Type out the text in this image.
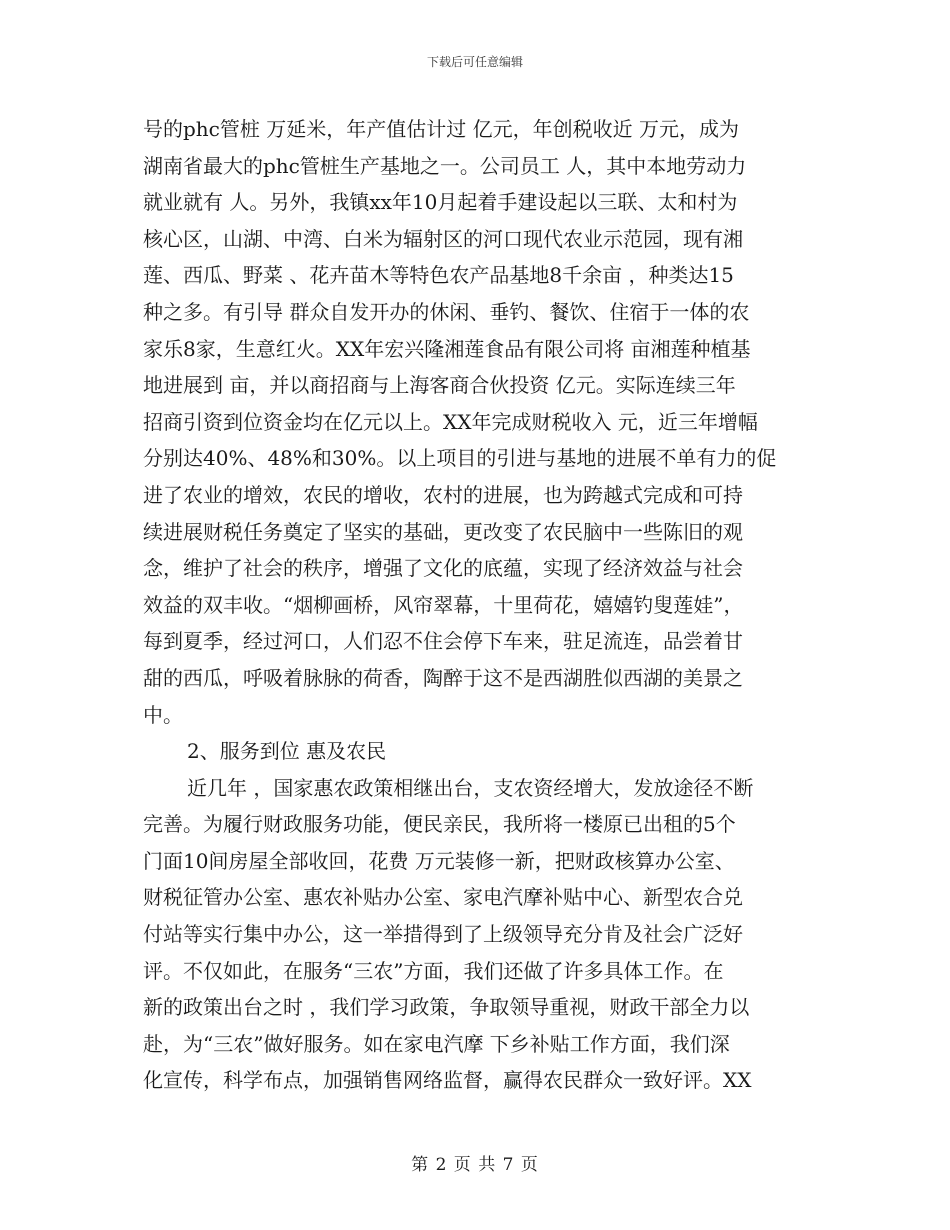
下载后可任意编辑
号的phc管桩 万延米，年产值估计过 亿元，年创税收近 万元，成为
湖南省最大的phc管桩生产基地之一。公司员工 人，其中本地劳动力
就业就有 人。另外，我镇xx年10月起着手建设起以三联、太和村为
核心区，山湖、中湾、白米为辐射区的河口现代农业示范园，现有湘
莲、西瓜、野菜 、花卉苗木等特色农产品基地8千余亩 ，种类达15
种之多。有引导 群众自发开办的休闲、垂钓、餐饮、住宿于一体的农
家乐8家，生意红火。XX年宏兴隆湘莲食品有限公司将 亩湘莲种植基
地进展到 亩，并以商招商与上海客商合伙投资 亿元。实际连续三年
招商引资到位资金均在亿元以上。XX年完成财税收入 元，近三年增幅
分别达40%、48%和30%。以上项目的引进与基地的进展不单有力的促
进了农业的增效，农民的增收，农村的进展，也为跨越式完成和可持
续进展财税任务奠定了坚实的基础，更改变了农民脑中一些陈旧的观
念，维护了社会的秩序，增强了文化的底蕴，实现了经济效益与社会
效益的双丰收。“烟柳画桥，风帘翠幕，十里荷花，嬉嬉钓叟莲娃”，
每到夏季，经过河口，人们忍不住会停下车来，驻足流连，品尝着甘
甜的西瓜，呼吸着脉脉的荷香，陶醉于这不是西湖胜似西湖的美景之
中。
2、服务到位 惠及农民
近几年 ，国家惠农政策相继出台，支农资经增大，发放途径不断
完善。为履行财政服务功能，便民亲民，我所将一楼原已出租的5个
门面10间房屋全部收回，花费 万元装修一新，把财政核算办公室、
财税征管办公室、惠农补贴办公室、家电汽摩补贴中心、新型农合兑
付站等实行集中办公，这一举措得到了上级领导充分肯及社会广泛好
评。不仅如此，在服务“三农”方面，我们还做了许多具体工作。在
新的政策出台之时 ，我们学习政策，争取领导重视，财政干部全力以
赴，为“三农”做好服务。如在家电汽摩 下乡补贴工作方面，我们深
化宣传，科学布点，加强销售网络监督，赢得农民群众一致好评。XX
第 2 页 共 7 页
